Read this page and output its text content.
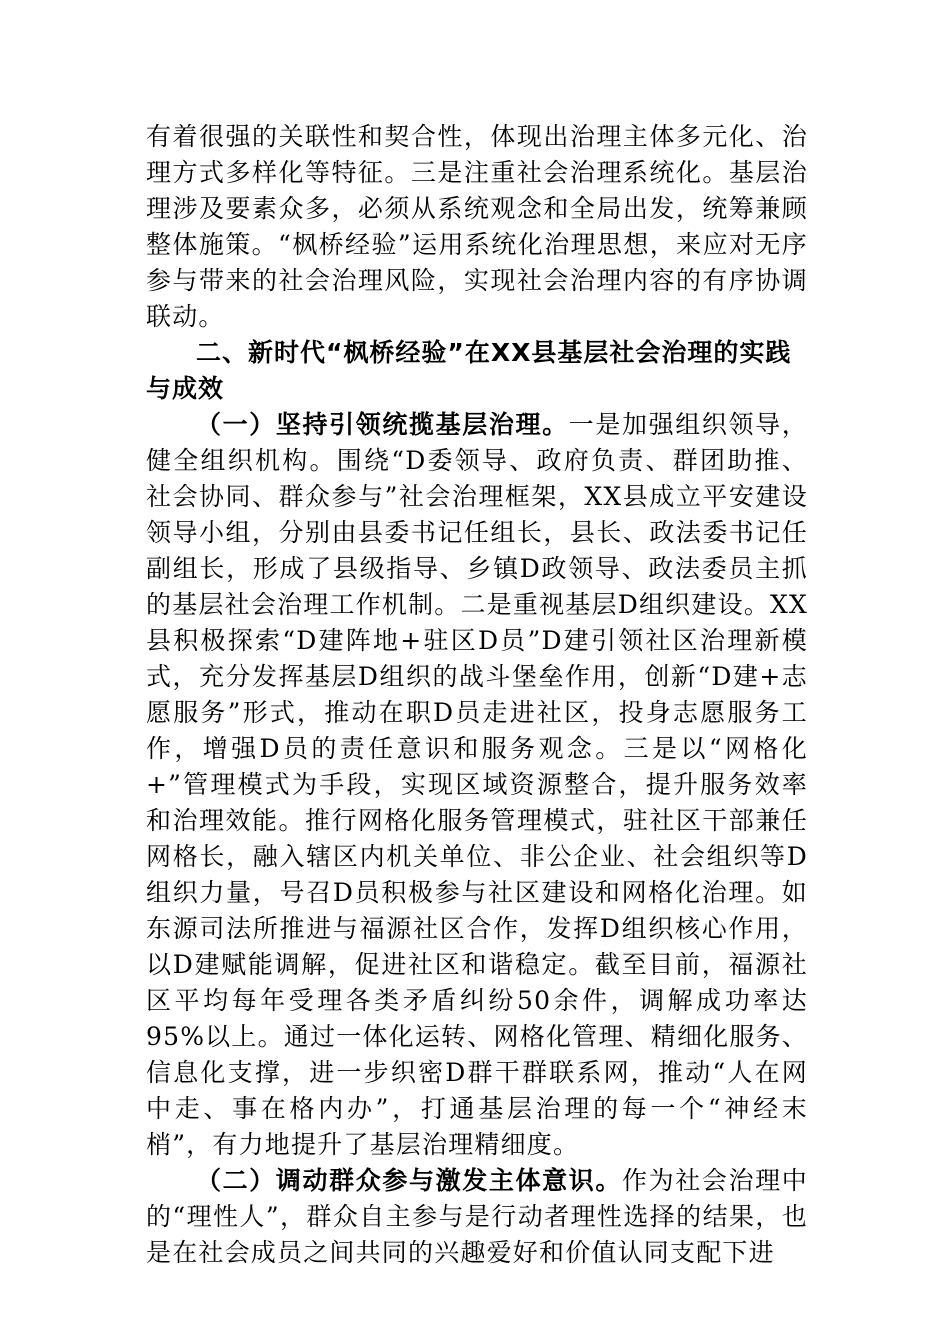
有着很强的关联性和契合性，体现出治理主体多元化、治理方式多样化等特征。三是注重社会治理系统化。基层治理涉及要素众多，必须从系统观念和全局出发，统筹兼顾整体施策。“枫桥经验”运用系统化治理思想，来应对无序参与带来的社会治理风险，实现社会治理内容的有序协调联动。

二、新时代“枫桥经验”在XX县基层社会治理的实践与成效

（一）坚持引领统揽基层治理。一是加强组织领导，健全组织机构。围绕“D委领导、政府负责、群团助推、社会协同、群众参与”社会治理框架，XX县成立平安建设领导小组，分别由县委书记任组长，县长、政法委书记任副组长，形成了县级指导、乡镇D政领导、政法委员主抓的基层社会治理工作机制。二是重视基层D组织建设。XX县积极探索“D建阵地+驻区D员”D建引领社区治理新模式，充分发挥基层D组织的战斗堡垒作用，创新“D建+志愿服务”形式，推动在职D员走进社区，投身志愿服务工作，增强D员的责任意识和服务观念。三是以“网格化+”管理模式为手段，实现区域资源整合，提升服务效率和治理效能。推行网格化服务管理模式，驻社区干部兼任网格长，融入辖区内机关单位、非公企业、社会组织等D组织力量，号召D员积极参与社区建设和网格化治理。如东源司法所推进与福源社区合作，发挥D组织核心作用，以D建赋能调解，促进社区和谐稳定。截至目前，福源社区平均每年受理各类矛盾纠纷50余件，调解成功率达95%以上。通过一体化运转、网格化管理、精细化服务、信息化支撑，进一步织密D群干群联系网，推动“人在网中走、事在格内办”，打通基层治理的每一个“神经末梢”，有力地提升了基层治理精细度。

（二）调动群众参与激发主体意识。作为社会治理中的“理性人”，群众自主参与是行动者理性选择的结果，也是在社会成员之间共同的兴趣爱好和价值认同支配下进
